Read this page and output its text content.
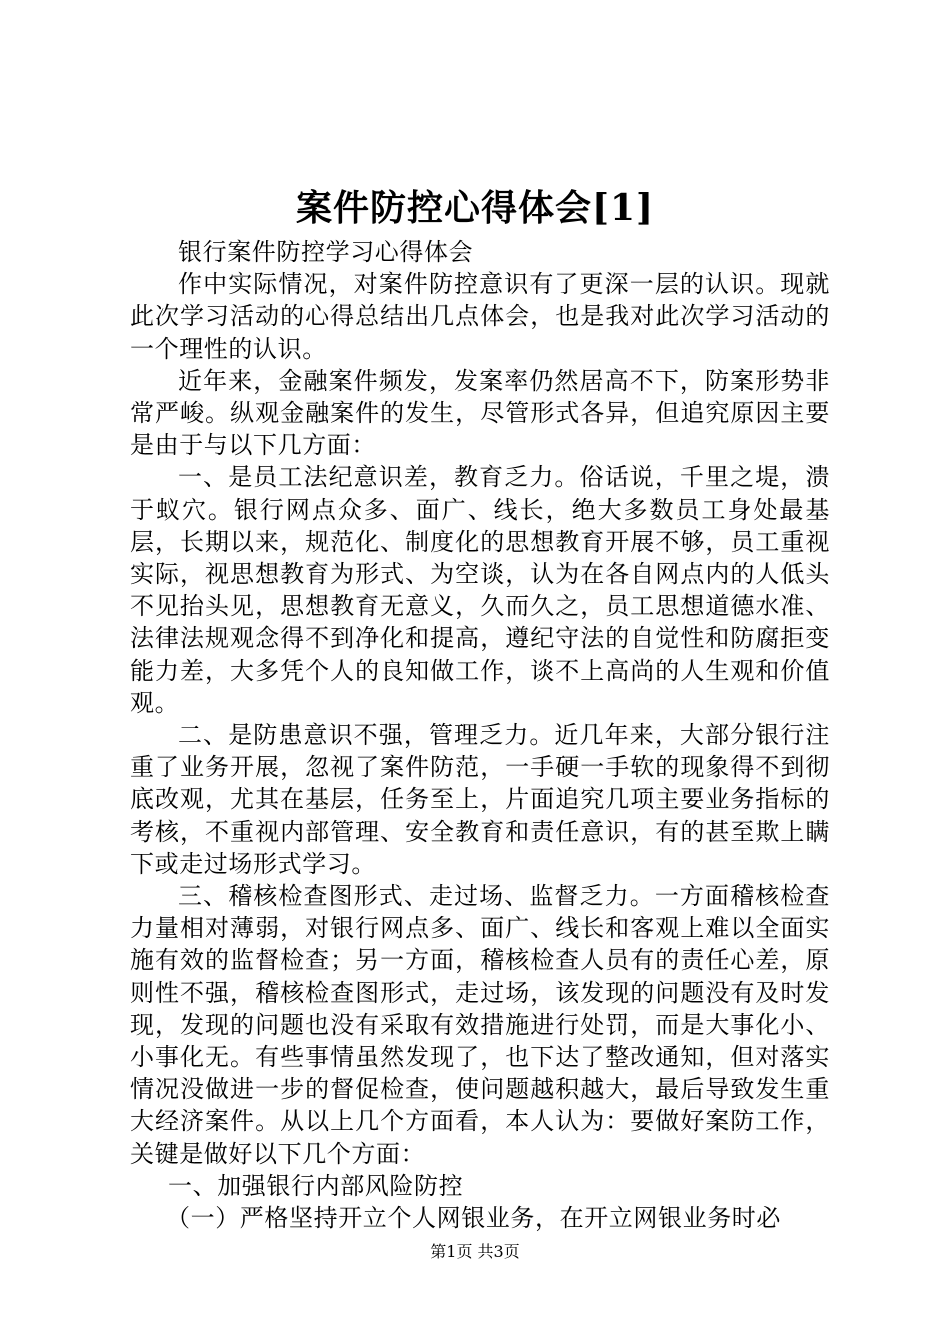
案件防控心得体会[1]

银行案件防控学习心得体会

作中实际情况，对案件防控意识有了更深一层的认识。现就此次学习活动的心得总结出几点体会，也是我对此次学习活动的一个理性的认识。

近年来，金融案件频发，发案率仍然居高不下，防案形势非常严峻。纵观金融案件的发生，尽管形式各异，但追究原因主要是由于与以下几方面：

一、是员工法纪意识差，教育乏力。俗话说，千里之堤，溃于蚁穴。银行网点众多、面广、线长，绝大多数员工身处最基层，长期以来，规范化、制度化的思想教育开展不够，员工重视实际，视思想教育为形式、为空谈，认为在各自网点内的人低头不见抬头见，思想教育无意义，久而久之，员工思想道德水准、法律法规观念得不到净化和提高，遵纪守法的自觉性和防腐拒变能力差，大多凭个人的良知做工作，谈不上高尚的人生观和价值观。

二、是防患意识不强，管理乏力。近几年来，大部分银行注重了业务开展，忽视了案件防范，一手硬一手软的现象得不到彻底改观，尤其在基层，任务至上，片面追究几项主要业务指标的考核，不重视内部管理、安全教育和责任意识，有的甚至欺上瞒下或走过场形式学习。

三、稽核检查图形式、走过场、监督乏力。一方面稽核检查力量相对薄弱，对银行网点多、面广、线长和客观上难以全面实施有效的监督检查；另一方面，稽核检查人员有的责任心差，原则性不强，稽核检查图形式，走过场，该发现的问题没有及时发现，发现的问题也没有采取有效措施进行处罚，而是大事化小、小事化无。有些事情虽然发现了，也下达了整改通知，但对落实情况没做进一步的督促检查，使问题越积越大，最后导致发生重大经济案件。从以上几个方面看，本人认为：要做好案防工作，关键是做好以下几个方面：

一、加强银行内部风险防控

（一）严格坚持开立个人网银业务，在开立网银业务时必

第1页 共3页
